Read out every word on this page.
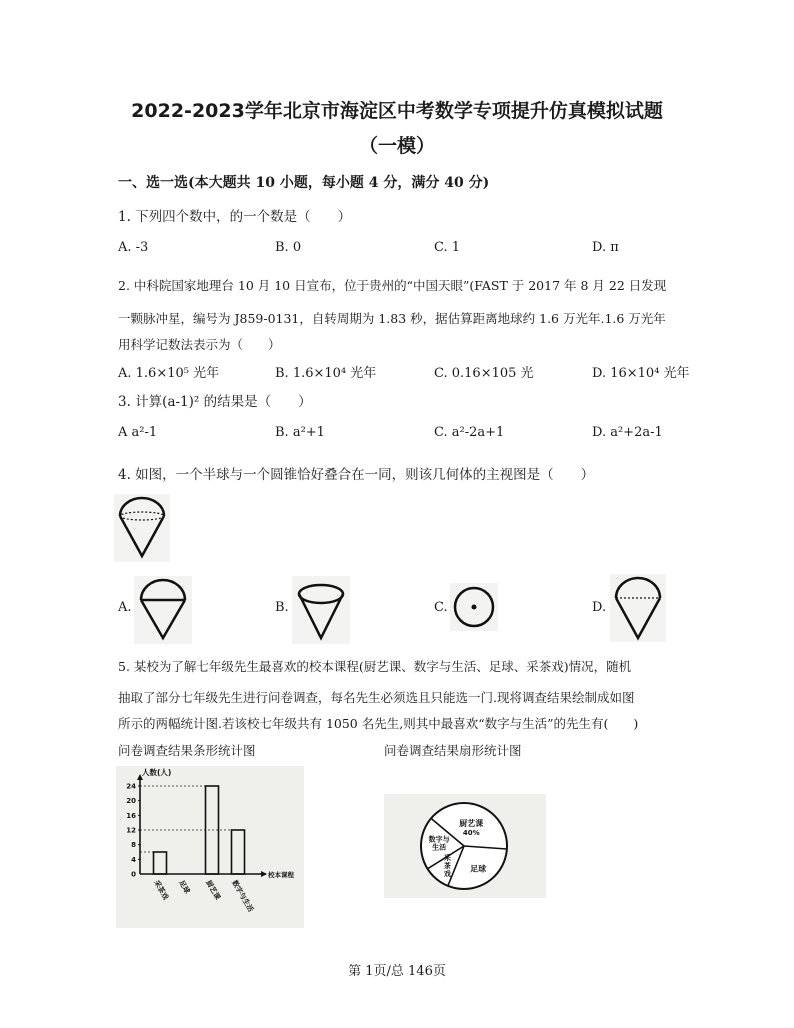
2022-2023学年北京市海淀区中考数学专项提升仿真模拟试题
（一模）
一、选一选(本大题共 10 小题，每小题 4 分，满分 40 分)
1. 下列四个数中，的一个数是（　　）
A. -3	B. 0	C. 1	D. π
2. 中科院国家地理台 10 月 10 日宣布，位于贵州的“中国天眼”(FAST 于 2017 年 8 月 22 日发现
一颗脉冲星，编号为 J859-0131，自转周期为 1.83 秒，据估算距离地球约 1.6 万光年.1.6 万光年
用科学记数法表示为（　　）
A. 1.6×10⁵ 光年	B. 1.6×10⁴ 光年	C. 0.16×105 光	D. 16×10⁴ 光年
3. 计算(a-1)² 的结果是（　　）
A a²-1	B. a²+1	C. a²-2a+1	D. a²+2a-1
4. 如图，一个半球与一个圆锥恰好叠合在一同，则该几何体的主视图是（　　）
A.	B.	C.	D.
5. 某校为了解七年级先生最喜欢的校本课程(厨艺课、数字与生活、足球、采茶戏)情况，随机
抽取了部分七年级先生进行问卷调查，每名先生必须选且只能选一门.现将调查结果绘制成如图
所示的两幅统计图.若该校七年级共有 1050 名先生,则其中最喜欢“数字与生活”的先生有(　　)
问卷调查结果条形统计图	问卷调查结果扇形统计图
人数(人)
校本课程
0
4
8
12
16
20
24
采茶戏 足球 厨艺课 数字与生活
厨艺课
40%
足球
采茶戏
数字与生活
第 1页/总 146页
